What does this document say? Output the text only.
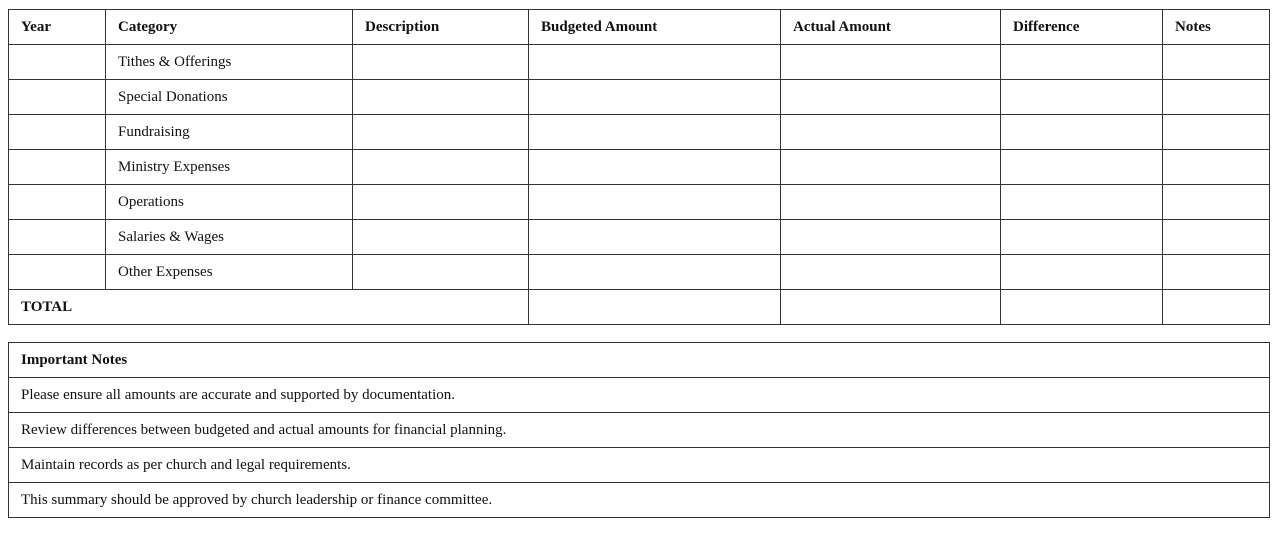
Year	Category	Description	Budgeted Amount	Actual Amount	Difference	Notes
	Tithes & Offerings					
	Special Donations					
	Fundraising					
	Ministry Expenses					
	Operations					
	Salaries & Wages					
	Other Expenses					
TOTAL						
Important Notes
Please ensure all amounts are accurate and supported by documentation.
Review differences between budgeted and actual amounts for financial planning.
Maintain records as per church and legal requirements.
This summary should be approved by church leadership or finance committee.
